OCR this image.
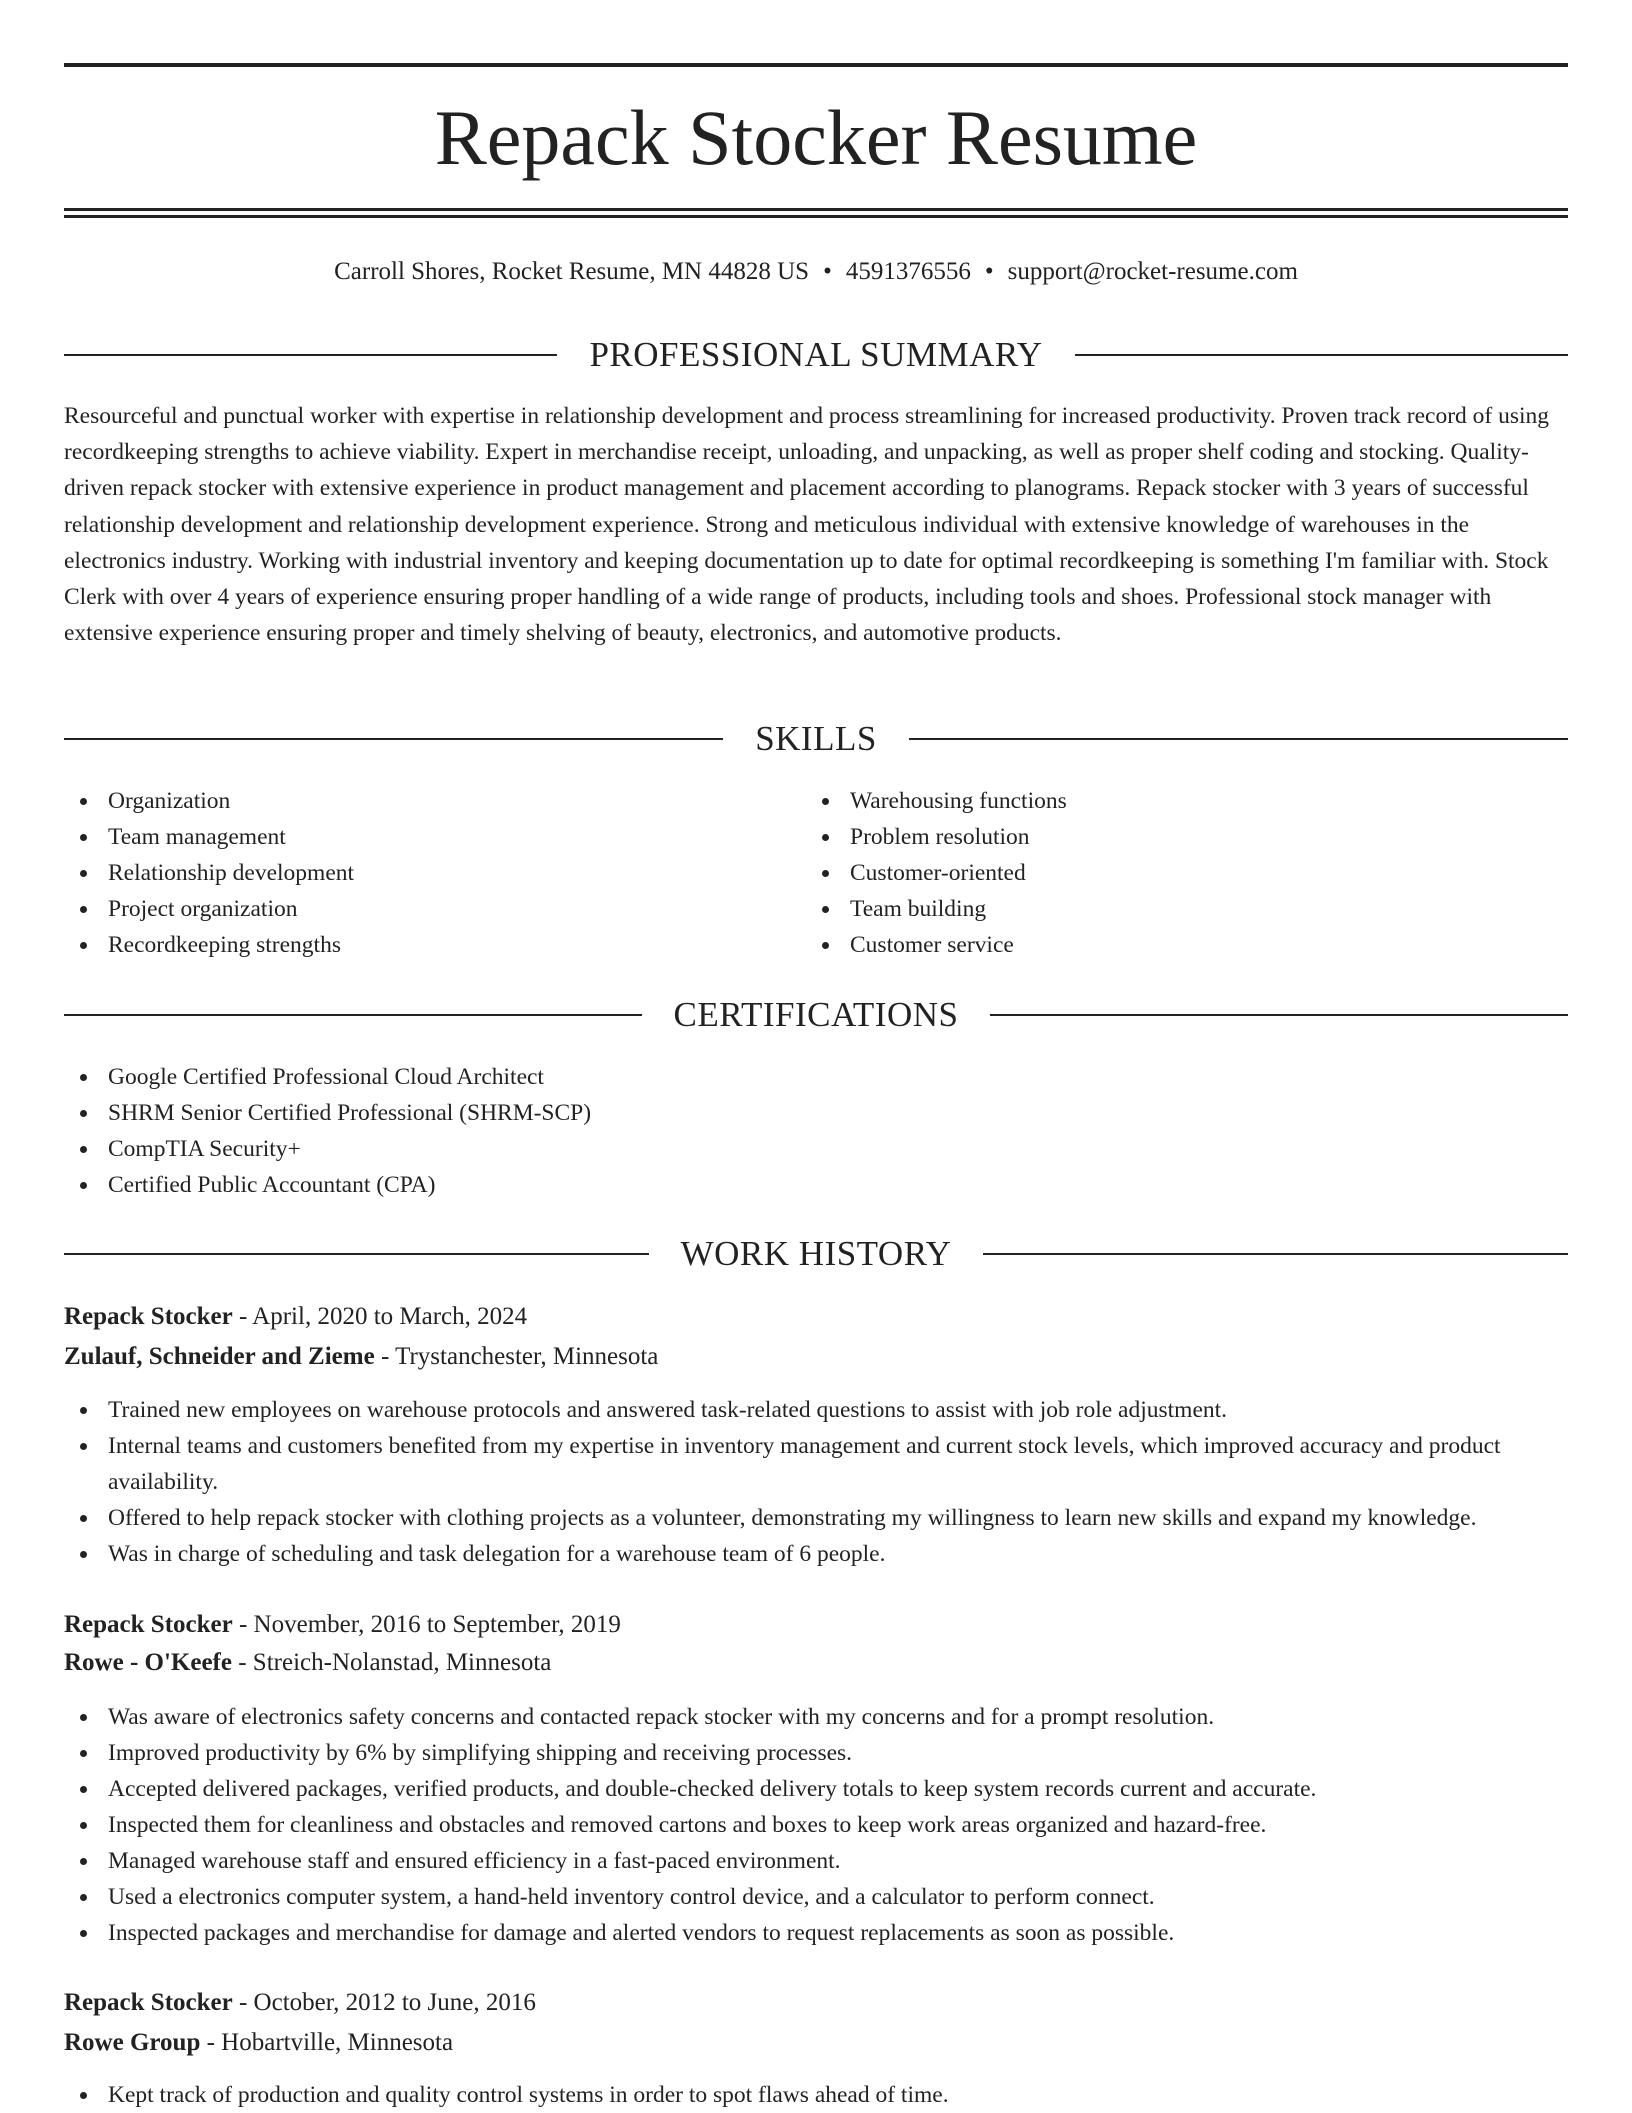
Repack Stocker Resume
Carroll Shores, Rocket Resume, MN 44828 US • 4591376556 • support@rocket-resume.com
PROFESSIONAL SUMMARY

Resourceful and punctual worker with expertise in relationship development and process streamlining for increased productivity. Proven track record of using recordkeeping strengths to achieve viability. Expert in merchandise receipt, unloading, and unpacking, as well as proper shelf coding and stocking. Quality-driven repack stocker with extensive experience in product management and placement according to planograms. Repack stocker with 3 years of successful relationship development and relationship development experience. Strong and meticulous individual with extensive knowledge of warehouses in the electronics industry. Working with industrial inventory and keeping documentation up to date for optimal recordkeeping is something I'm familiar with. Stock Clerk with over 4 years of experience ensuring proper handling of a wide range of products, including tools and shoes. Professional stock manager with extensive experience ensuring proper and timely shelving of beauty, electronics, and automotive products.

SKILLS
Organization
Team management
Relationship development
Project organization
Recordkeeping strengths
Warehousing functions
Problem resolution
Customer-oriented
Team building
Customer service
CERTIFICATIONS
Google Certified Professional Cloud Architect
SHRM Senior Certified Professional (SHRM-SCP)
CompTIA Security+
Certified Public Accountant (CPA)
WORK HISTORY
Repack Stocker - April, 2020 to March, 2024
Zulauf, Schneider and Zieme - Trystanchester, Minnesota
Trained new employees on warehouse protocols and answered task-related questions to assist with job role adjustment.
Internal teams and customers benefited from my expertise in inventory management and current stock levels, which improved accuracy and product availability.
Offered to help repack stocker with clothing projects as a volunteer, demonstrating my willingness to learn new skills and expand my knowledge.
Was in charge of scheduling and task delegation for a warehouse team of 6 people.
Repack Stocker - November, 2016 to September, 2019
Rowe - O'Keefe - Streich-Nolanstad, Minnesota
Was aware of electronics safety concerns and contacted repack stocker with my concerns and for a prompt resolution.
Improved productivity by 6% by simplifying shipping and receiving processes.
Accepted delivered packages, verified products, and double-checked delivery totals to keep system records current and accurate.
Inspected them for cleanliness and obstacles and removed cartons and boxes to keep work areas organized and hazard-free.
Managed warehouse staff and ensured efficiency in a fast-paced environment.
Used a electronics computer system, a hand-held inventory control device, and a calculator to perform connect.
Inspected packages and merchandise for damage and alerted vendors to request replacements as soon as possible.
Repack Stocker - October, 2012 to June, 2016
Rowe Group - Hobartville, Minnesota
Kept track of production and quality control systems in order to spot flaws ahead of time.
